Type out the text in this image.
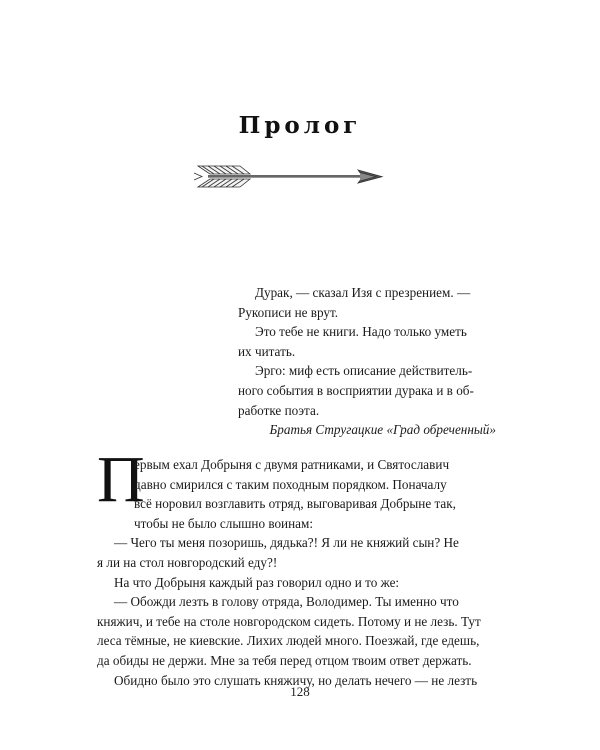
Пролог
Дурак, — сказал Изя с презрением. —
Рукописи не врут.
Это тебе не книги. Надо только уметь
их читать.
Эрго: миф есть описание действитель-
ного события в восприятии дурака и в об-
работке поэта.
Братья Стругацкие «Град обреченный»
П
ервым ехал Добрыня с двумя ратниками, и Святославич
давно смирился с таким походным порядком. Поначалу
всё норовил возглавить отряд, выговаривая Добрыне так,
чтобы не было слышно воинам:
— Чего ты меня позоришь, дядька?! Я ли не княжий сын? Не
я ли на стол новгородский еду?!
На что Добрыня каждый раз говорил одно и то же:
— Обожди лезть в голову отряда, Володимер. Ты именно что
княжич, и тебе на столе новгородском сидеть. Потому и не лезь. Тут
леса тёмные, не киевские. Лихих людей много. Поезжай, где едешь,
да обиды не держи. Мне за тебя перед отцом твоим ответ держать.
Обидно было это слушать княжичу, но делать нечего — не лезть
128
